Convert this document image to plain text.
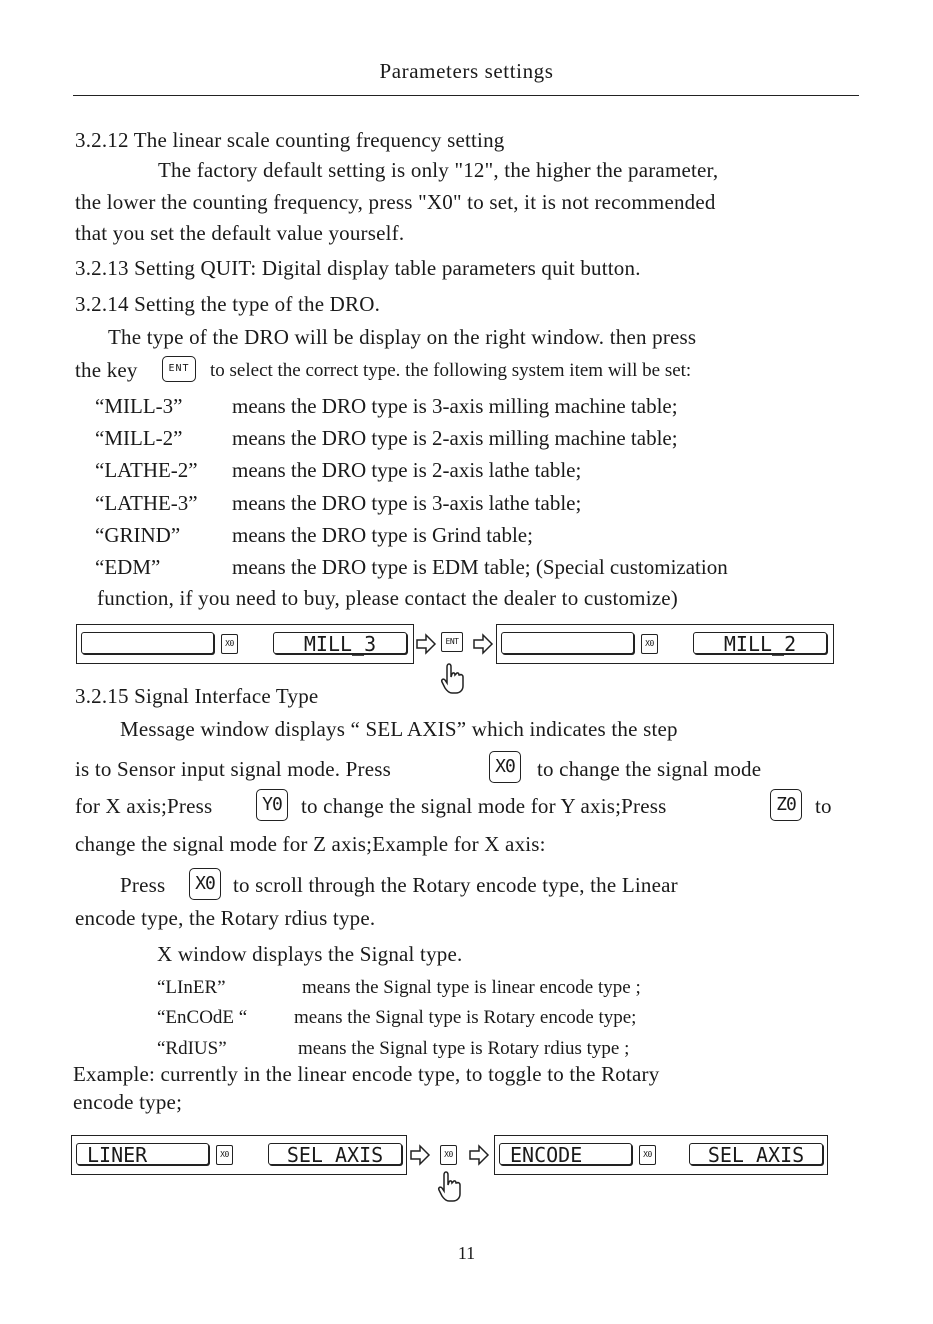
Parameters settings
3.2.12 The linear scale counting frequency setting
The factory default setting is only "12", the higher the parameter,
the lower the counting frequency, press "X0" to set, it is not recommended
that you set the default value yourself.
3.2.13 Setting QUIT: Digital display table parameters quit button.
3.2.14 Setting the type of the DRO.
The type of the DRO will be display on the right window. then press
the key	ENT	to select the correct type. the following system item will be set:
“MILL-3” means the DRO type is 3-axis milling machine table;
“MILL-2” means the DRO type is 2-axis milling machine table;
“LATHE-2” means the DRO type is 2-axis lathe table;
“LATHE-3” means the DRO type is 3-axis lathe table;
“GRIND” means the DRO type is Grind table;
“EDM”	means the DRO type is EDM table; (Special customization
function, if you need to buy, please contact the dealer to customize)
X0	MILL_3	ENT	X0	MILL_2
3.2.15 Signal Interface Type
Message window displays “ SEL AXIS” which indicates the step
is to Sensor input signal mode. Press	X0 to change the signal mode
for X axis;Press	Y0 to change the signal mode for Y axis;Press	Z0 to
change the signal mode for Z axis;Example for X axis:
Press	X0 to scroll through the Rotary encode type, the Linear
encode type, the Rotary rdius type.
X window displays the Signal type.
“LInER”	means the Signal type is linear encode type ;
“EnCOdE “ means the Signal type is Rotary encode type;
“RdIUS”	means the Signal type is Rotary rdius type ;
Example: currently in the linear encode type, to toggle to the Rotary
encode type;
LINER	X0	SEL AXIS	X0	ENCODE	X0	SEL AXIS
11
